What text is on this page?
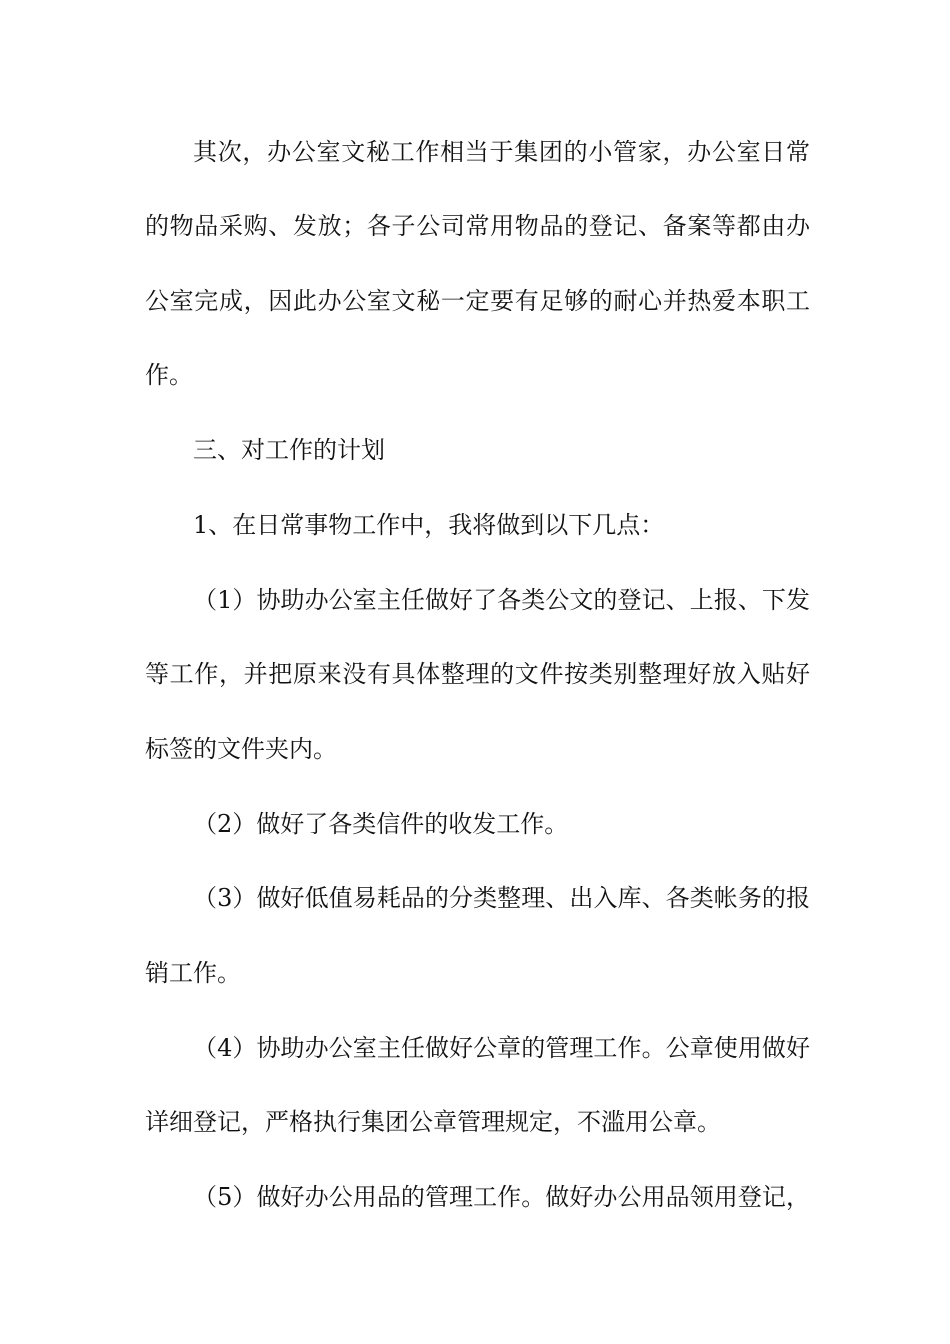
其次，办公室文秘工作相当于集团的小管家，办公室日常

的物品采购、发放；各子公司常用物品的登记、备案等都由办

公室完成，因此办公室文秘一定要有足够的耐心并热爱本职工

作。

三、对工作的计划

1、在日常事物工作中，我将做到以下几点：

（1）协助办公室主任做好了各类公文的登记、上报、下发

等工作，并把原来没有具体整理的文件按类别整理好放入贴好

标签的文件夹内。

（2）做好了各类信件的收发工作。

（3）做好低值易耗品的分类整理、出入库、各类帐务的报

销工作。

（4）协助办公室主任做好公章的管理工作。公章使用做好

详细登记，严格执行集团公章管理规定，不滥用公章。

（5）做好办公用品的管理工作。做好办公用品领用登记，
